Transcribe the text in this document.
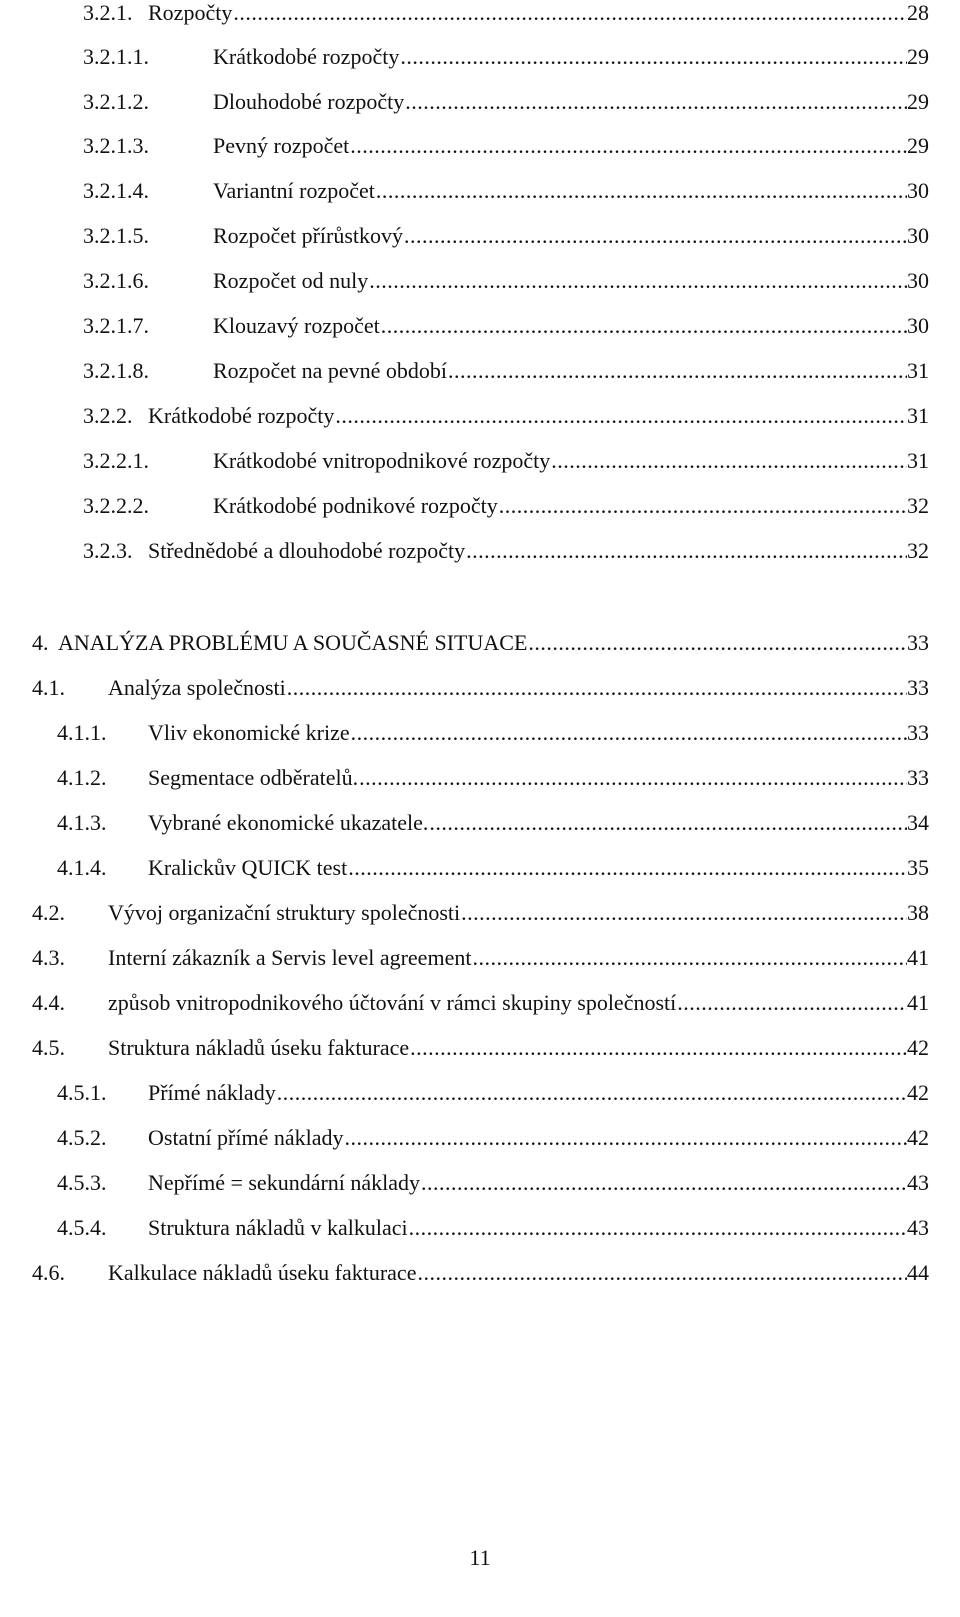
3.2.1. Rozpočty .....	28
3.2.1.1.	Krátkodobé rozpočty .....	29
3.2.1.2.	Dlouhodobé rozpočty .....	29
3.2.1.3.	Pevný rozpočet .....	29
3.2.1.4.	Variantní rozpočet .....	30
3.2.1.5.	Rozpočet přírůstkový .....	30
3.2.1.6.	Rozpočet od nuly .....	30
3.2.1.7.	Klouzavý rozpočet .....	30
3.2.1.8.	Rozpočet na pevné období .....	31
3.2.2. Krátkodobé rozpočty .....	31
3.2.2.1.	Krátkodobé vnitropodnikové rozpočty .....	31
3.2.2.2.	Krátkodobé podnikové rozpočty .....	32
3.2.3. Střednědobé a dlouhodobé rozpočty .....	32
4. ANALÝZA PROBLÉMU A SOUČASNÉ SITUACE .....	33
4.1.	Analýza společnosti .....	33
4.1.1.	Vliv ekonomické krize .....	33
4.1.2.	Segmentace odběratelů. .....	33
4.1.3.	Vybrané ekonomické ukazatele. .....	34
4.1.4.	Kralickův QUICK test .....	35
4.2.	Vývoj organizační struktury společnosti .....	38
4.3.	Interní zákazník a Servis level agreement .....	41
4.4.	způsob vnitropodnikového účtování v rámci skupiny společností .....	41
4.5.	Struktura nákladů úseku fakturace .....	42
4.5.1.	Přímé náklady .....	42
4.5.2.	Ostatní přímé náklady .....	42
4.5.3.	Nepřímé = sekundární náklady .....	43
4.5.4.	Struktura nákladů v kalkulaci .....	43
4.6.	Kalkulace nákladů úseku fakturace .....	44
11
